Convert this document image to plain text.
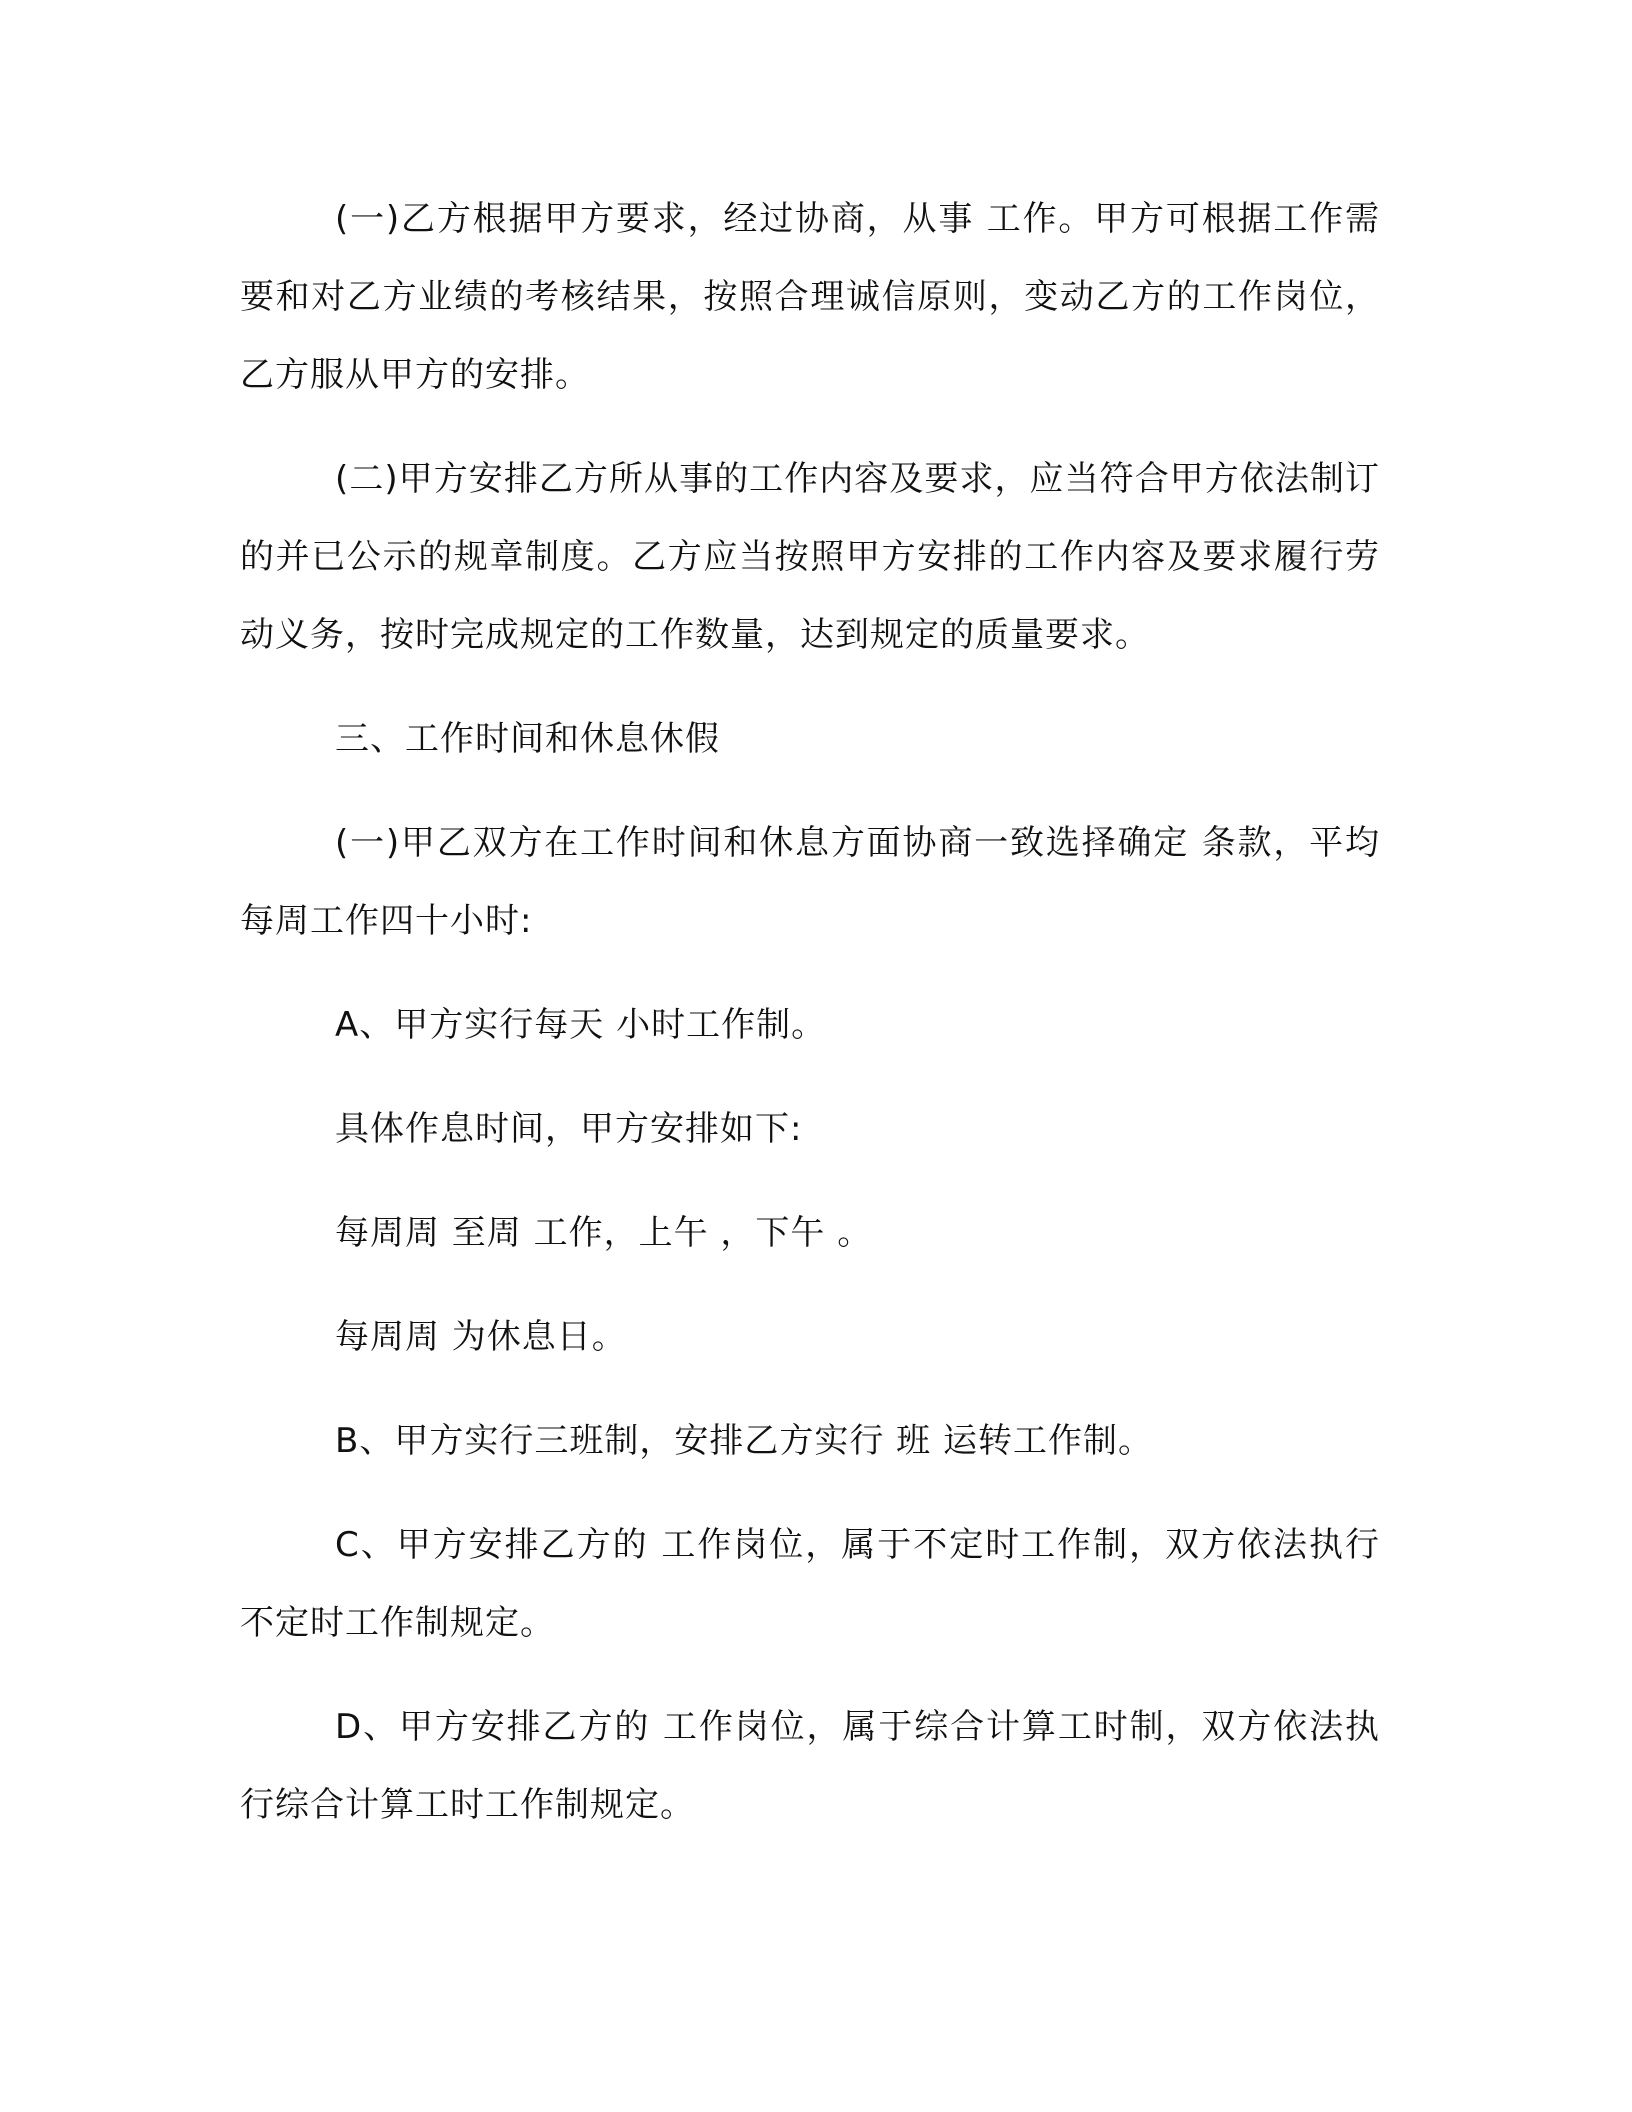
(一)乙方根据甲方要求，经过协商，从事 工作。甲方可根据工作需要和对乙方业绩的考核结果，按照合理诚信原则，变动乙方的工作岗位，乙方服从甲方的安排。

(二)甲方安排乙方所从事的工作内容及要求，应当符合甲方依法制订的并已公示的规章制度。乙方应当按照甲方安排的工作内容及要求履行劳动义务，按时完成规定的工作数量，达到规定的质量要求。

三、工作时间和休息休假

(一)甲乙双方在工作时间和休息方面协商一致选择确定 条款，平均每周工作四十小时:

A、甲方实行每天 小时工作制。

具体作息时间，甲方安排如下:

每周周 至周 工作，上午 ，下午 。

每周周 为休息日。

B、甲方实行三班制，安排乙方实行 班 运转工作制。

C、甲方安排乙方的 工作岗位，属于不定时工作制，双方依法执行不定时工作制规定。

D、甲方安排乙方的 工作岗位，属于综合计算工时制，双方依法执行综合计算工时工作制规定。
